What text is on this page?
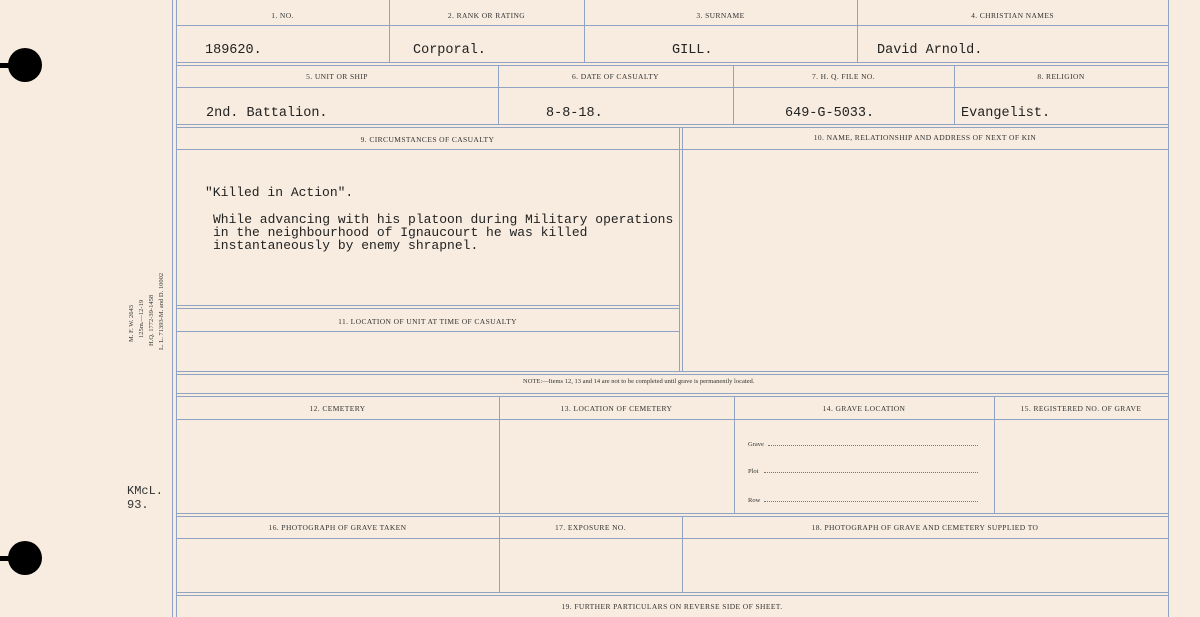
M. F. W. 2643 125m.—12-19 H.Q. 1772-39-1458 L. L. 71393-M. and D. 10002
KMcL.
93.
1. NO.	2. RANK OR RATING	3. SURNAME	4. CHRISTIAN NAMES
189620.	Corporal.	GILL.	David Arnold.
5. UNIT OR SHIP	6. DATE OF CASUALTY	7. H. Q. FILE NO.	8. RELIGION
2nd. Battalion.	8-8-18.	649-G-5033.	Evangelist.
9. CIRCUMSTANCES OF CASUALTY	10. NAME, RELATIONSHIP AND ADDRESS OF NEXT OF KIN
"Killed in Action".
While advancing with his platoon during Military operations
in the neighbourhood of Ignaucourt he was killed
instantaneously by enemy shrapnel.
11. LOCATION OF UNIT AT TIME OF CASUALTY
NOTE:—Items 12, 13 and 14 are not to be completed until grave is permanently located.
12. CEMETERY	13. LOCATION OF CEMETERY	14. GRAVE LOCATION	15. REGISTERED NO. OF GRAVE
Grave
Plot
Row
16. PHOTOGRAPH OF GRAVE TAKEN	17. EXPOSURE NO.	18. PHOTOGRAPH OF GRAVE AND CEMETERY SUPPLIED TO
19. FURTHER PARTICULARS ON REVERSE SIDE OF SHEET.
